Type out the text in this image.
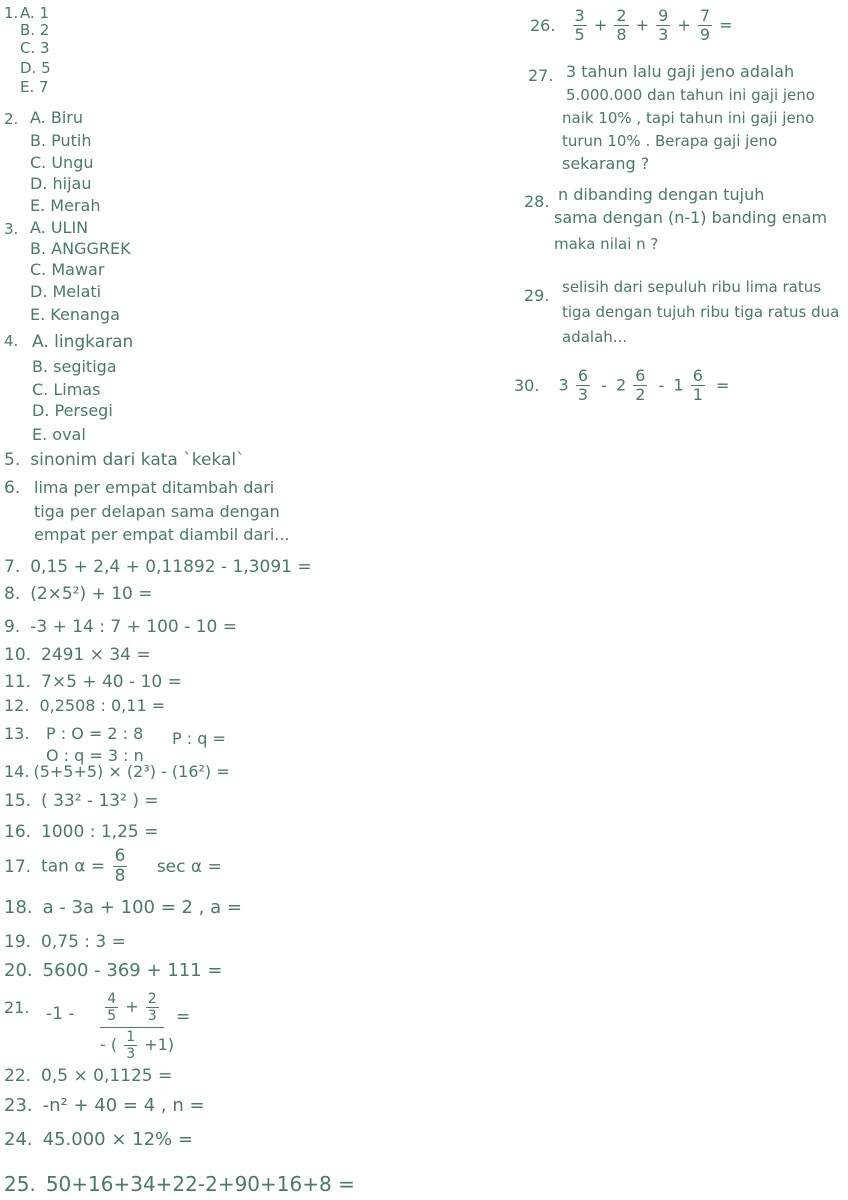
1. A. 1
B. 2
C. 3
D. 5
E. 7
2. A. Biru
B. Putih
C. Ungu
D. hijau
E. Merah
3. A. ULIN
B. ANGGREK
C. Mawar
D. Melati
E. Kenanga
4. A. lingkaran
B. segitiga
C. Limas
D. Persegi
E. oval
5. sinonim dari kata `kekal`
6. lima per empat ditambah dari
tiga per delapan sama dengan
empat per empat diambil dari...
7. 0,15 + 2,4 + 0,11892 - 1,3091 =
8. (2×5²) + 10 =
9. -3 + 14 : 7 + 100 - 10 =
10. 2491 × 34 =
11. 7×5 + 40 - 10 =
12. 0,2508 : 0,11 =
13. P : O = 2 : 8 P : q =
O : q = 3 : n
14. (5+5+5) × (2³) - (16²) =
15. ( 33² - 13² ) =
16. 1000 : 1,25 =
17. $\tan \alpha = \frac{6}{8}$ sec α =
18. a - 3a + 100 = 2 , a =
19. 0,75 : 3 =
20. 5600 - 369 + 111 =
21. $-1 - \frac{4}{5} + \frac{2}{3}$
- ( $\frac{1}{3} +1$)
=
22. 0,5 × 0,1125 =
23. -n² + 40 = 4 , n =
24. 45.000 × 12% =
25. 50+16+34+22-2+90+16+8 =
26. $\frac{3}{5} + \frac{2}{8} + \frac{9}{3} + \frac{7}{9}$ =
27. 3 tahun lalu gaji jeno adalah
5.000.000 dan tahun ini gaji jeno
naik 10% , tapi tahun ini gaji jeno
turun 10% . Berapa gaji jeno
sekarang ?
28. n dibanding dengan tujuh
sama dengan (n-1) banding enam
maka nilai n ?
29. selisih dari sepuluh ribu lima ratus
tiga dengan tujuh ribu tiga ratus dua
adalah...
30. $3 \frac{6}{3} - 2 \frac{6}{2} - 1 \frac{6}{1}$ =
